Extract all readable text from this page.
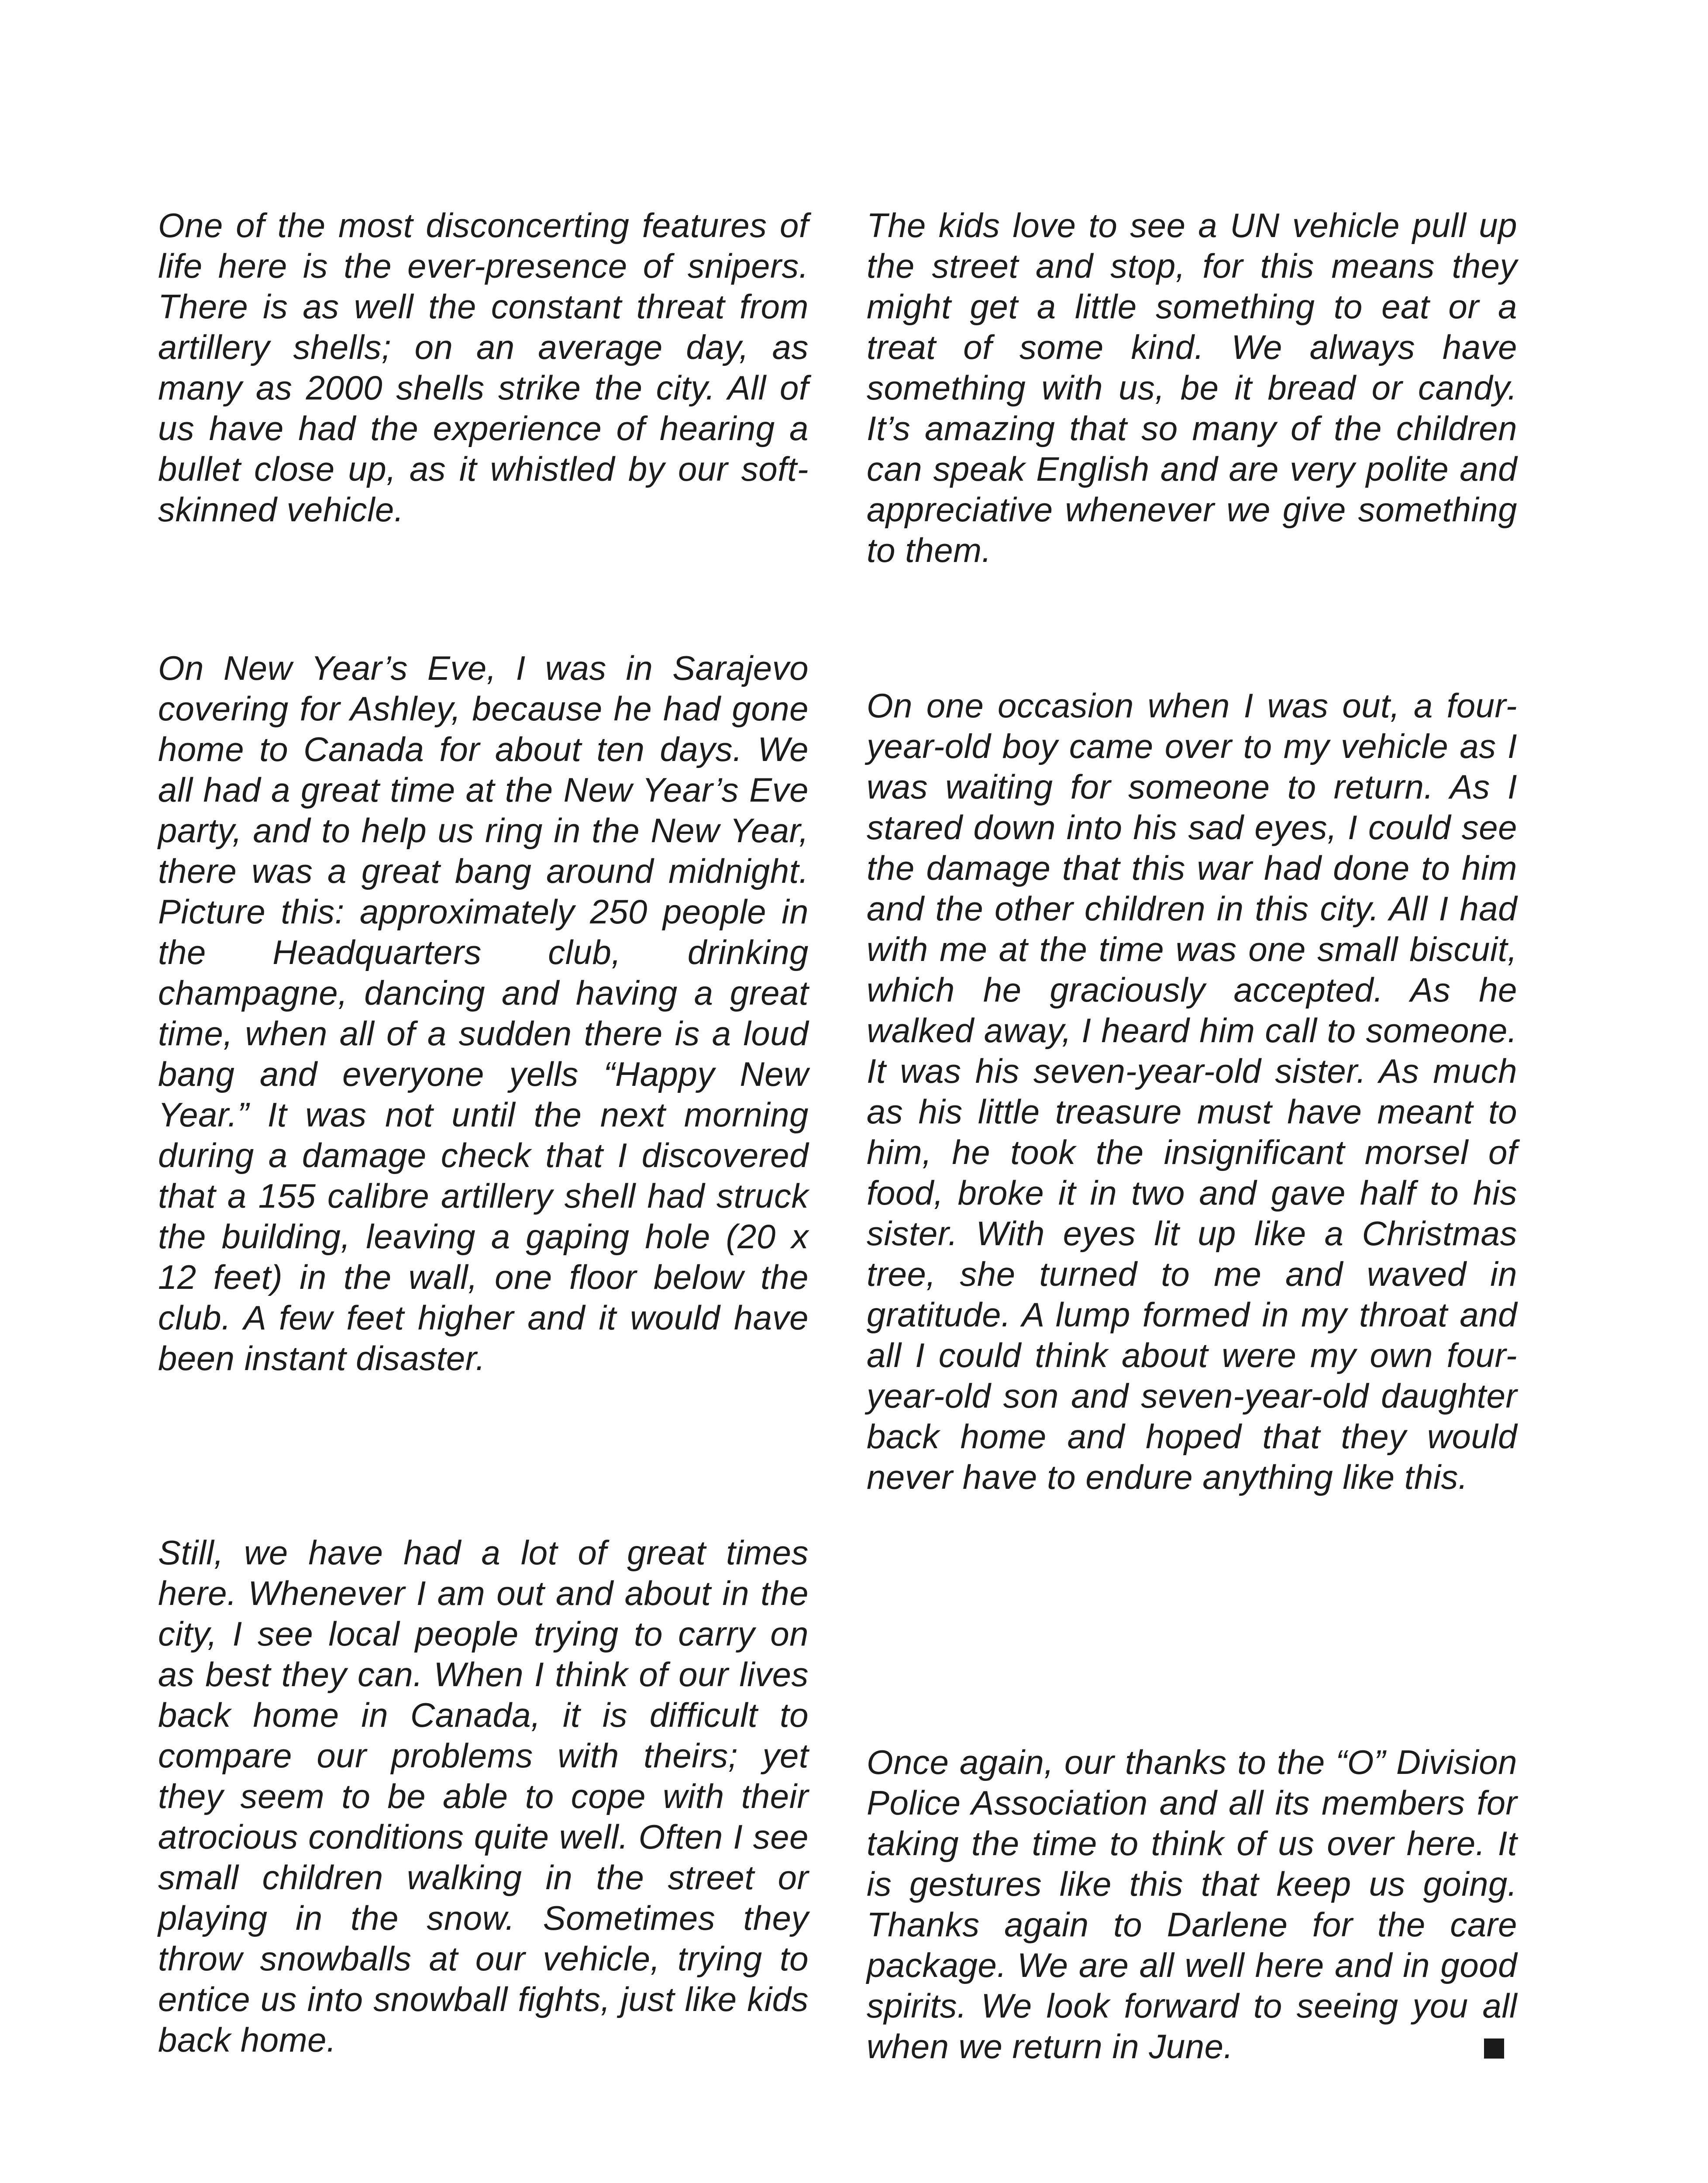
One of the most disconcerting features of life here is the ever-presence of snipers. There is as well the constant threat from artillery shells; on an average day, as many as 2000 shells strike the city. All of us have had the experience of hearing a bullet close up, as it whistled by our soft-skinned vehicle.

On New Year’s Eve, I was in Sarajevo covering for Ashley, because he had gone home to Canada for about ten days. We all had a great time at the New Year’s Eve party, and to help us ring in the New Year, there was a great bang around midnight. Picture this: approximately 250 people in the Headquarters club, drinking champagne, dancing and having a great time, when all of a sudden there is a loud bang and everyone yells “Happy New Year.” It was not until the next morning during a damage check that I discovered that a 155 calibre artillery shell had struck the building, leaving a gaping hole (20 x 12 feet) in the wall, one floor below the club. A few feet higher and it would have been instant disaster.

Still, we have had a lot of great times here. Whenever I am out and about in the city, I see local people trying to carry on as best they can. When I think of our lives back home in Canada, it is difficult to compare our problems with theirs; yet they seem to be able to cope with their atrocious conditions quite well. Often I see small children walking in the street or playing in the snow. Sometimes they throw snowballs at our vehicle, trying to entice us into snowball fights, just like kids back home.

The kids love to see a UN vehicle pull up the street and stop, for this means they might get a little something to eat or a treat of some kind. We always have something with us, be it bread or candy. It’s amazing that so many of the children can speak English and are very polite and appreciative whenever we give something to them.

On one occasion when I was out, a four-year-old boy came over to my vehicle as I was waiting for someone to return. As I stared down into his sad eyes, I could see the damage that this war had done to him and the other children in this city. All I had with me at the time was one small biscuit, which he graciously accepted. As he walked away, I heard him call to someone. It was his seven-year-old sister. As much as his little treasure must have meant to him, he took the insignificant morsel of food, broke it in two and gave half to his sister. With eyes lit up like a Christmas tree, she turned to me and waved in gratitude. A lump formed in my throat and all I could think about were my own four-year-old son and seven-year-old daughter back home and hoped that they would never have to endure anything like this.

Once again, our thanks to the “O” Division Police Association and all its members for taking the time to think of us over here. It is gestures like this that keep us going. Thanks again to Darlene for the care package. We are all well here and in good spirits. We look forward to seeing you all when we return in June.
